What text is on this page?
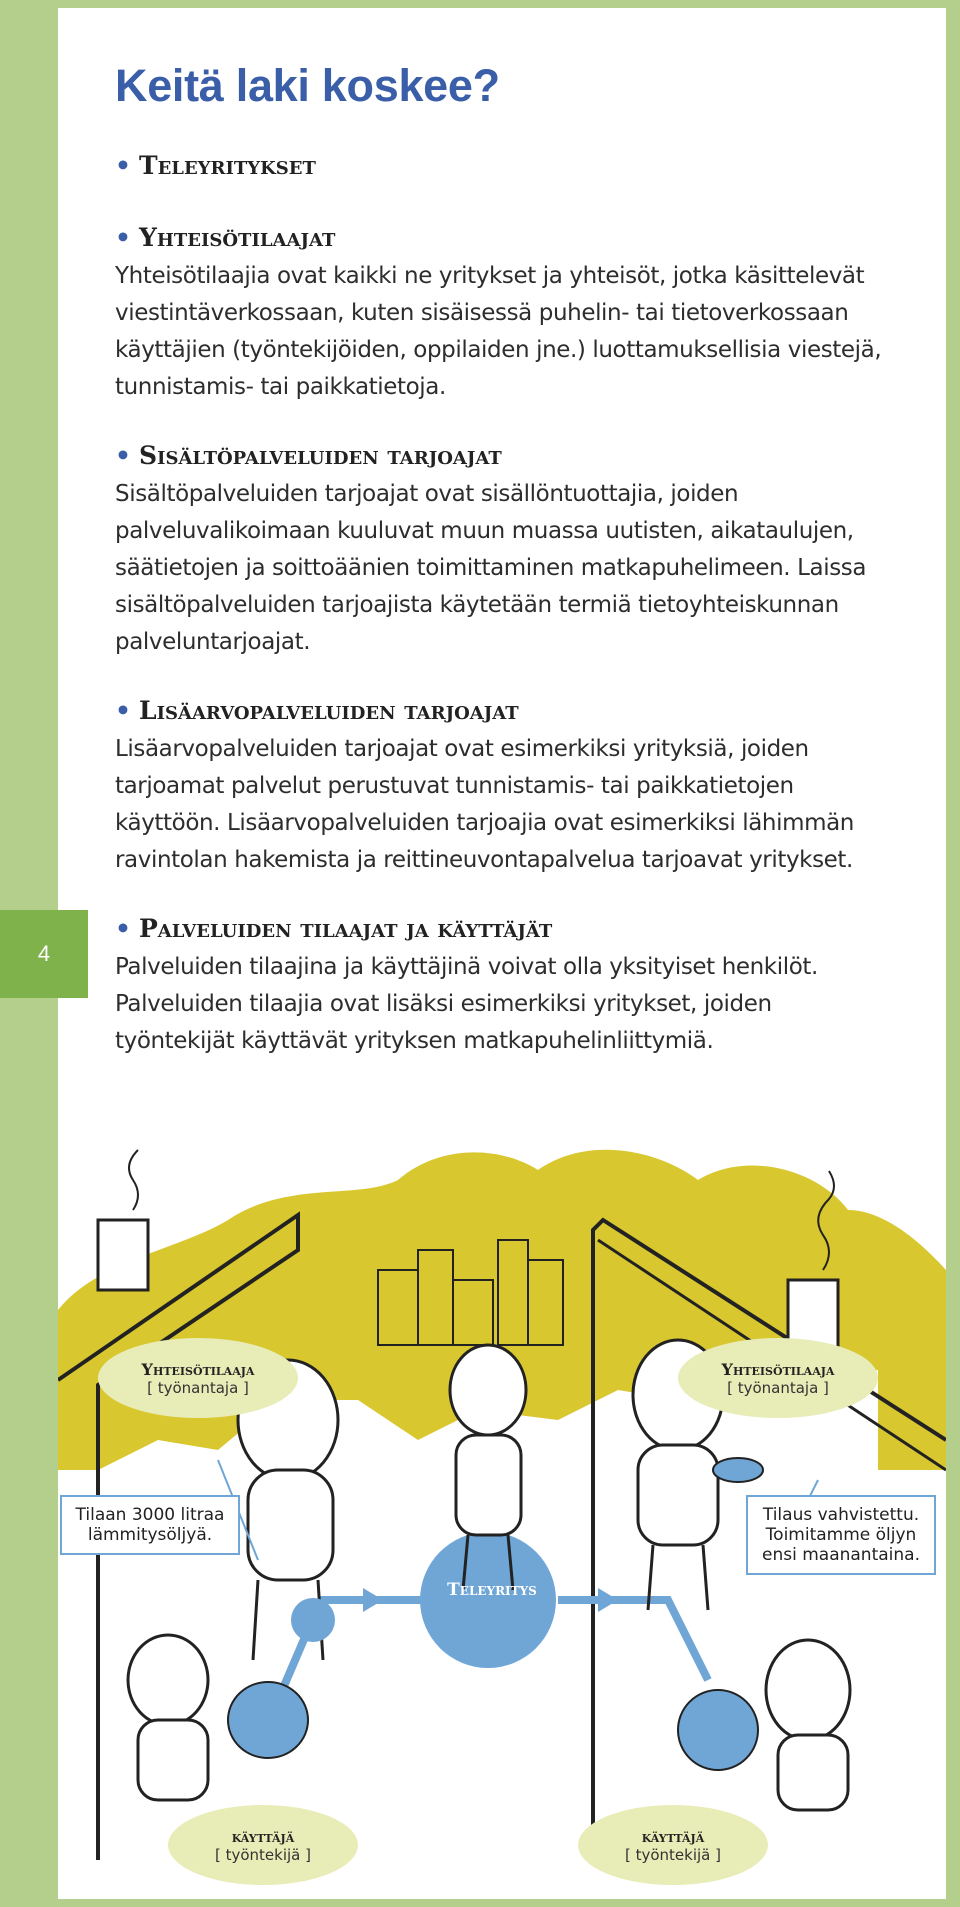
4
Keitä laki koskee?
• Teleyritykset
• Yhteisötilaajat

Yhteisötilaajia ovat kaikki ne yritykset ja yhteisöt, jotka käsittelevät viestintäverkossaan, kuten sisäisessä puhelin- tai tietoverkossaan käyttäjien (työntekijöiden, oppilaiden jne.) luottamuksellisia viestejä, tunnistamis- tai paikkatietoja.

• Sisältöpalveluiden tarjoajat

Sisältöpalveluiden tarjoajat ovat sisällöntuottajia, joiden palveluvalikoimaan kuuluvat muun muassa uutisten, aikataulujen, säätietojen ja soittoäänien toimittaminen matkapuhelimeen. Laissa sisältöpalveluiden tarjoajista käytetään termiä tietoyhteiskunnan palveluntarjoajat.

• Lisäarvopalveluiden tarjoajat

Lisäarvopalveluiden tarjoajat ovat esimerkiksi yrityksiä, joiden tarjoamat palvelut perustuvat tunnistamis- tai paikkatietojen käyttöön. Lisäarvopalveluiden tarjoajia ovat esimerkiksi lähimmän ravintolan hakemista ja reittineuvontapalvelua tarjoavat yritykset.

• Palveluiden tilaajat ja käyttäjät

Palveluiden tilaajina ja käyttäjinä voivat olla yksityiset henkilöt. Palveluiden tilaajia ovat lisäksi esimerkiksi yritykset, joiden työntekijät käyttävät yrityksen matkapuhelinliittymiä.

Yhteisötilaaja
[ työnantaja ]
Yhteisötilaaja
[ työnantaja ]
käyttäjä
[ työntekijä ]
käyttäjä
[ työntekijä ]
Tilaan 3000 litraa lämmitysöljyä.
Tilaus vahvistettu. Toimitamme öljyn ensi maanantaina.
Teleyritys
